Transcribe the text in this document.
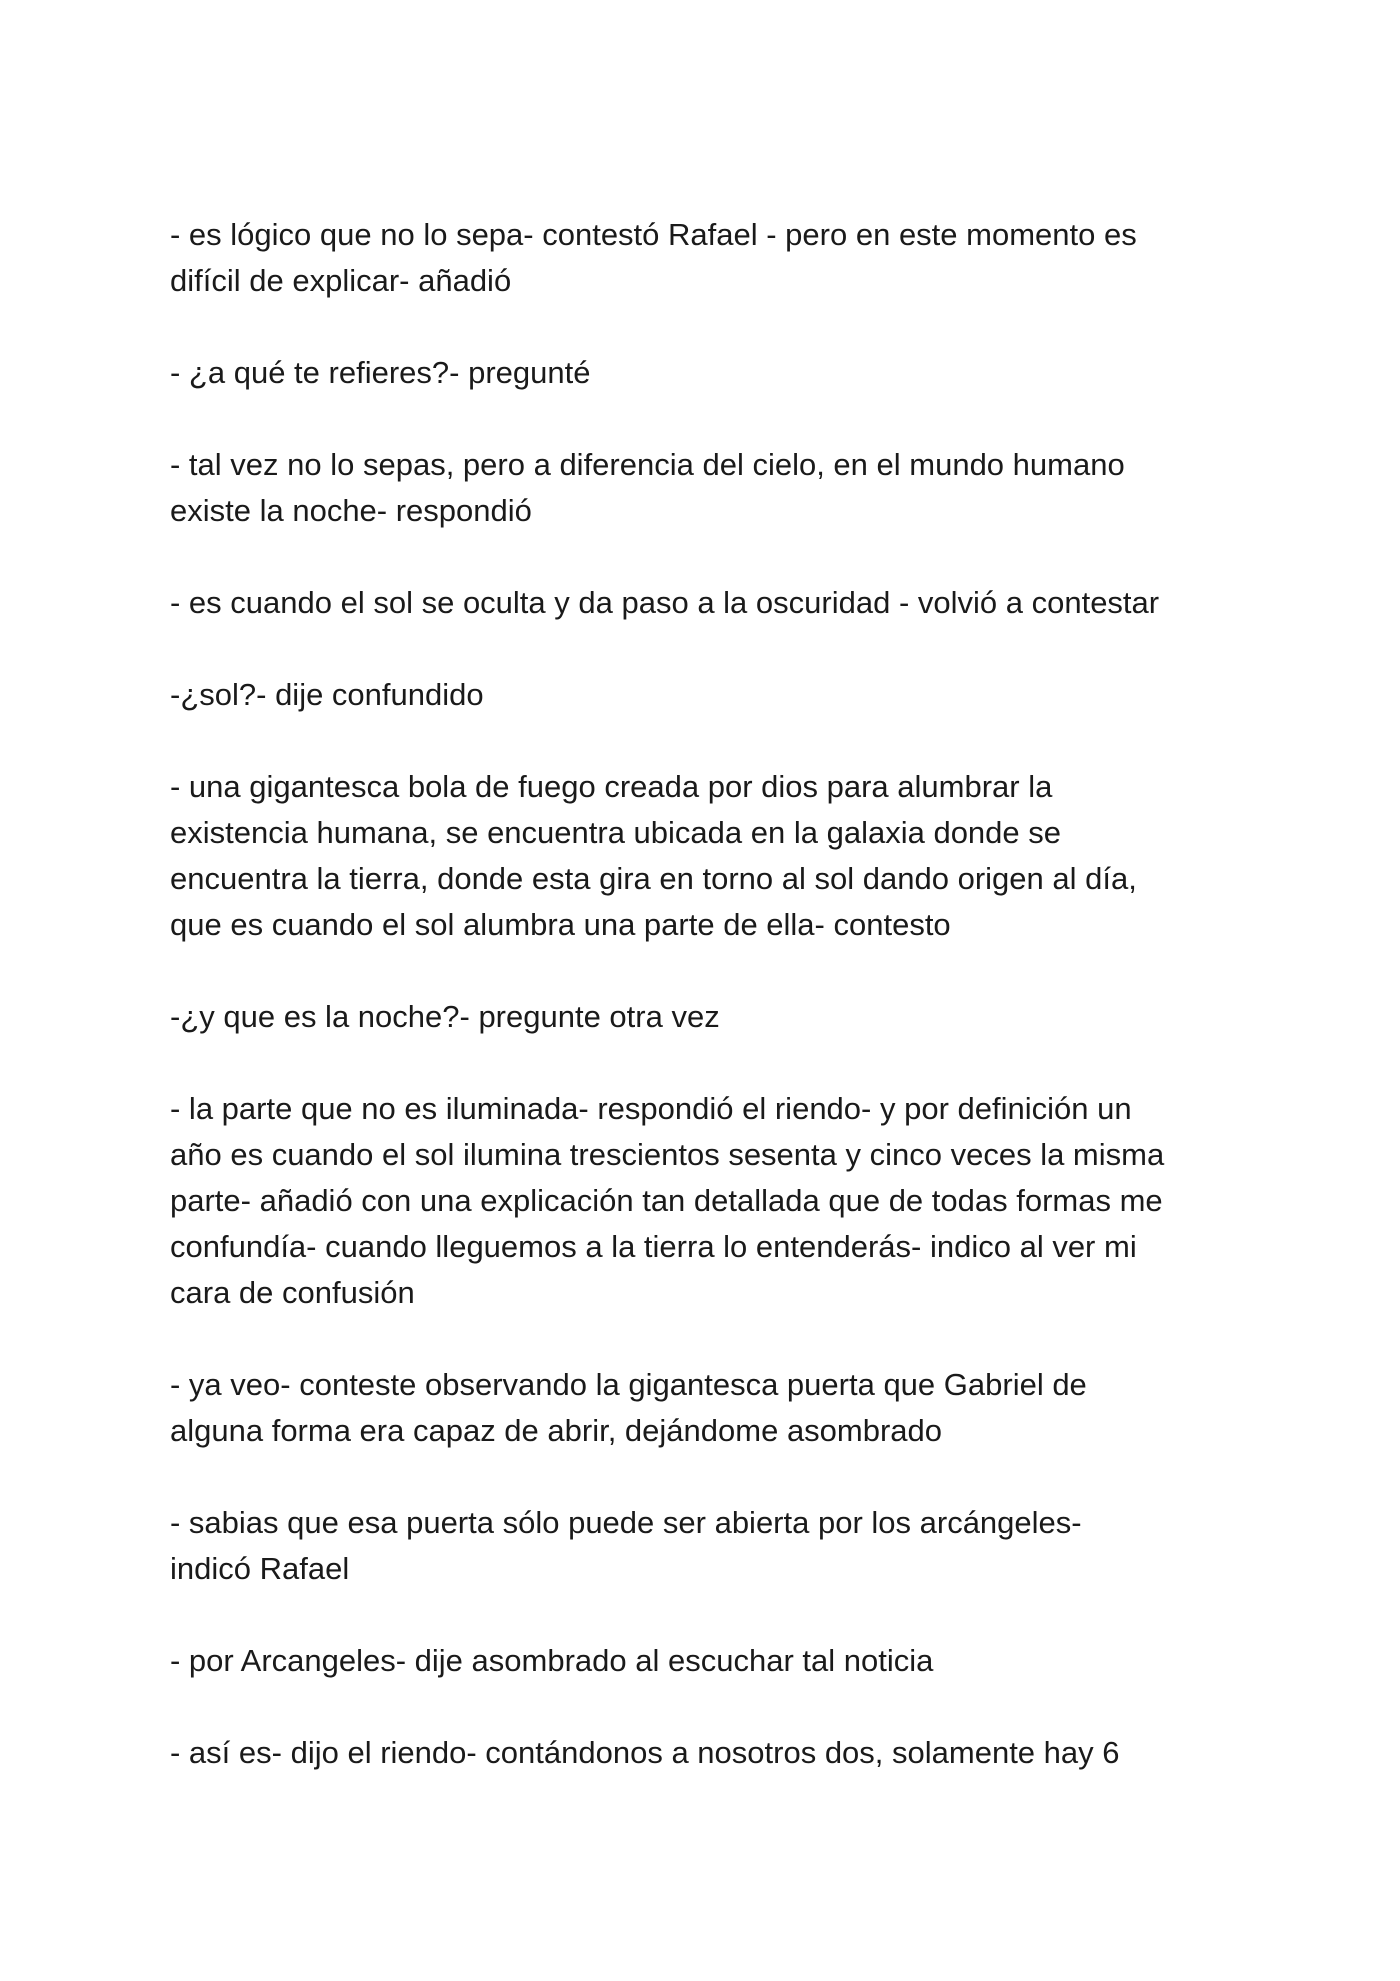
- es lógico que no lo sepa- contestó Rafael - pero en este momento es
difícil de explicar- añadió

- ¿a qué te refieres?- pregunté

- tal vez no lo sepas, pero a diferencia del cielo, en el mundo humano
existe la noche- respondió

- es cuando el sol se oculta y da paso a la oscuridad - volvió a contestar

-¿sol?- dije confundido

- una gigantesca bola de fuego creada por dios para alumbrar la
existencia humana, se encuentra ubicada en la galaxia donde se
encuentra la tierra, donde esta gira en torno al sol dando origen al día,
que es cuando el sol alumbra una parte de ella- contesto

-¿y que es la noche?- pregunte otra vez

- la parte que no es iluminada- respondió el riendo- y por definición un
año es cuando el sol ilumina trescientos sesenta y cinco veces la misma
parte- añadió con una explicación tan detallada que de todas formas me
confundía- cuando lleguemos a la tierra lo entenderás- indico al ver mi
cara de confusión

- ya veo- conteste observando la gigantesca puerta que Gabriel de
alguna forma era capaz de abrir, dejándome asombrado

- sabias que esa puerta sólo puede ser abierta por los arcángeles-
indicó Rafael

- por Arcangeles- dije asombrado al escuchar tal noticia

- así es- dijo el riendo- contándonos a nosotros dos, solamente hay 6
